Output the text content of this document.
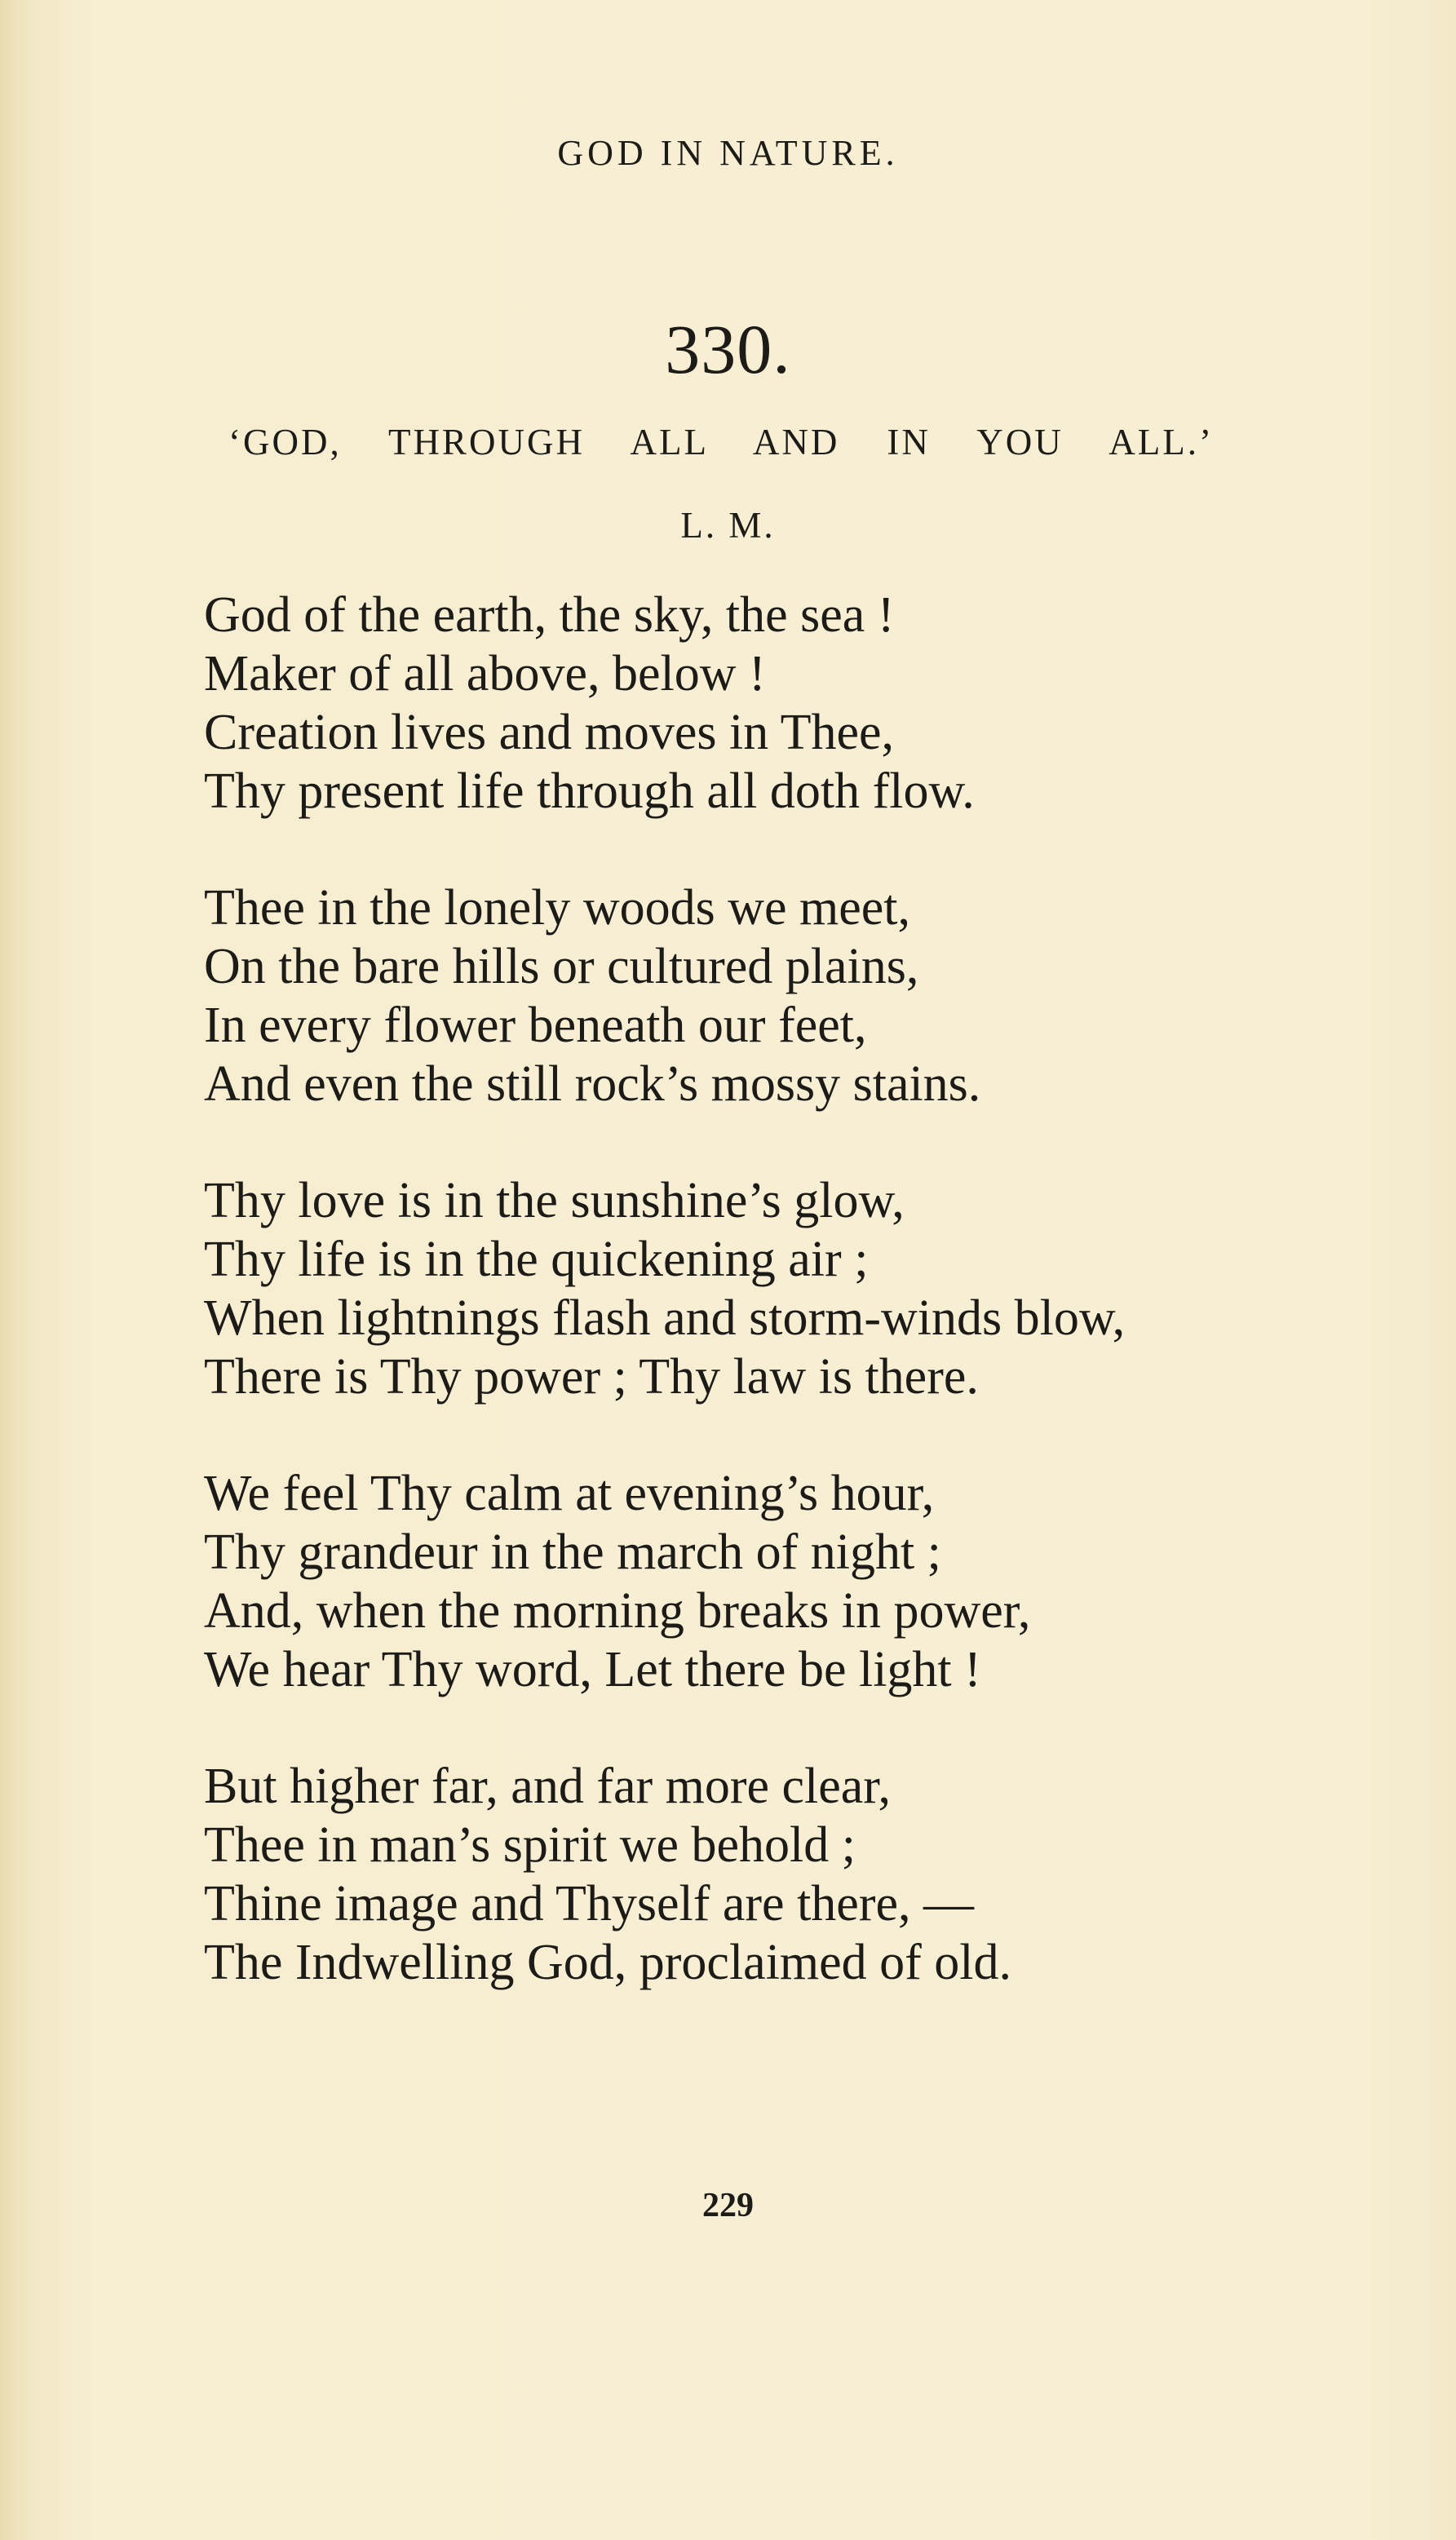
GOD IN NATURE.
330.
‘GOD, THROUGH ALL AND IN YOU ALL.’
L. M.
God of the earth, the sky, the sea !
Maker of all above, below !
Creation lives and moves in Thee,
Thy present life through all doth flow.
Thee in the lonely woods we meet,
On the bare hills or cultured plains,
In every flower beneath our feet,
And even the still rock’s mossy stains.
Thy love is in the sunshine’s glow,
Thy life is in the quickening air ;
When lightnings flash and storm-winds blow,
There is Thy power ; Thy law is there.
We feel Thy calm at evening’s hour,
Thy grandeur in the march of night ;
And, when the morning breaks in power,
We hear Thy word, Let there be light !
But higher far, and far more clear,
Thee in man’s spirit we behold ;
Thine image and Thyself are there, —
The Indwelling God, proclaimed of old.
229
